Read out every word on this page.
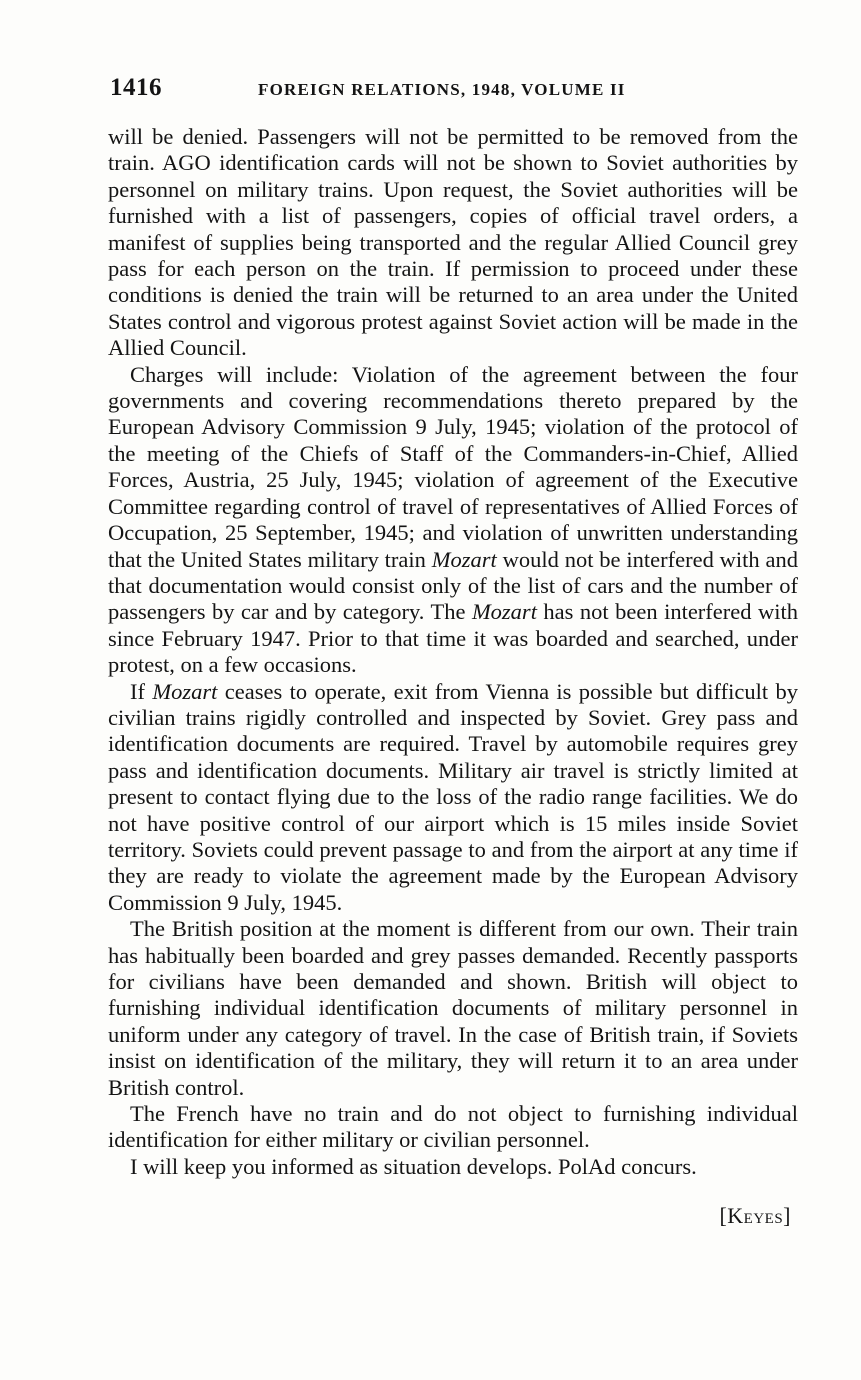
1416	FOREIGN RELATIONS, 1948, VOLUME II

will be denied. Passengers will not be permitted to be removed from the train. AGO identification cards will not be shown to Soviet authorities by personnel on military trains. Upon request, the Soviet authorities will be furnished with a list of passengers, copies of official travel orders, a manifest of supplies being transported and the regular Allied Council grey pass for each person on the train. If permission to proceed under these conditions is denied the train will be returned to an area under the United States control and vigorous protest against Soviet action will be made in the Allied Council.

Charges will include: Violation of the agreement between the four governments and covering recommendations thereto prepared by the European Advisory Commission 9 July, 1945; violation of the protocol of the meeting of the Chiefs of Staff of the Commanders-in-Chief, Allied Forces, Austria, 25 July, 1945; violation of agreement of the Executive Committee regarding control of travel of representatives of Allied Forces of Occupation, 25 September, 1945; and violation of unwritten understanding that the United States military train Mozart would not be interfered with and that documentation would consist only of the list of cars and the number of passengers by car and by category. The Mozart has not been interfered with since February 1947. Prior to that time it was boarded and searched, under protest, on a few occasions.

If Mozart ceases to operate, exit from Vienna is possible but difficult by civilian trains rigidly controlled and inspected by Soviet. Grey pass and identification documents are required. Travel by automobile requires grey pass and identification documents. Military air travel is strictly limited at present to contact flying due to the loss of the radio range facilities. We do not have positive control of our airport which is 15 miles inside Soviet territory. Soviets could prevent passage to and from the airport at any time if they are ready to violate the agreement made by the European Advisory Commission 9 July, 1945.

The British position at the moment is different from our own. Their train has habitually been boarded and grey passes demanded. Recently passports for civilians have been demanded and shown. British will object to furnishing individual identification documents of military personnel in uniform under any category of travel. In the case of British train, if Soviets insist on identification of the military, they will return it to an area under British control.

The French have no train and do not object to furnishing individual identification for either military or civilian personnel.

I will keep you informed as situation develops. PolAd concurs.

[Keyes]
